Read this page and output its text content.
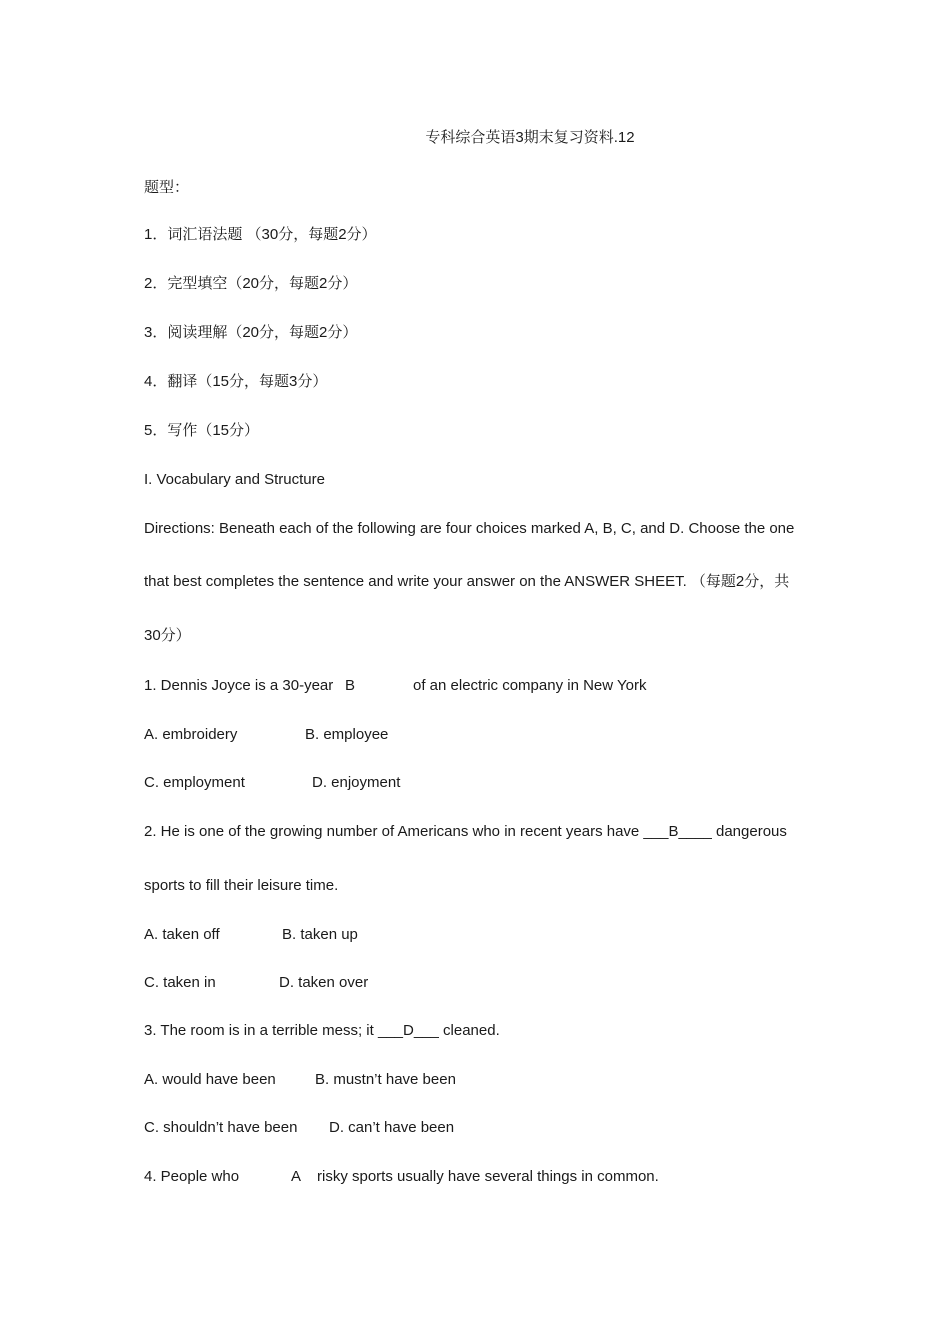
专科综合英语3期末复习资料.12
题型：
1．词汇语法题 （30分，每题2分）
2．完型填空（20分，每题2分）
3．阅读理解（20分，每题2分）
4．翻译（15分，每题3分）
5．写作（15分）
I. Vocabulary and Structure
Directions: Beneath each of the following are four choices marked A, B, C, and D. Choose the one
that best completes the sentence and write your answer on the ANSWER SHEET. （每题2分，共
30分）
1. Dennis Joyce is a 30-year B	of an electric company in New York
A. embroidery	B. employee
C. employment	D. enjoyment
2. He is one of the growing number of Americans who in recent years have ___B____ dangerous
sports to fill their leisure time.
A. taken off	B. taken up
C. taken in	D. taken over
3. The room is in a terrible mess; it ___D___ cleaned.
A. would have been	B. mustn’t have been
C. shouldn’t have been D. can’t have been
4. People who	A risky sports usually have several things in common.
